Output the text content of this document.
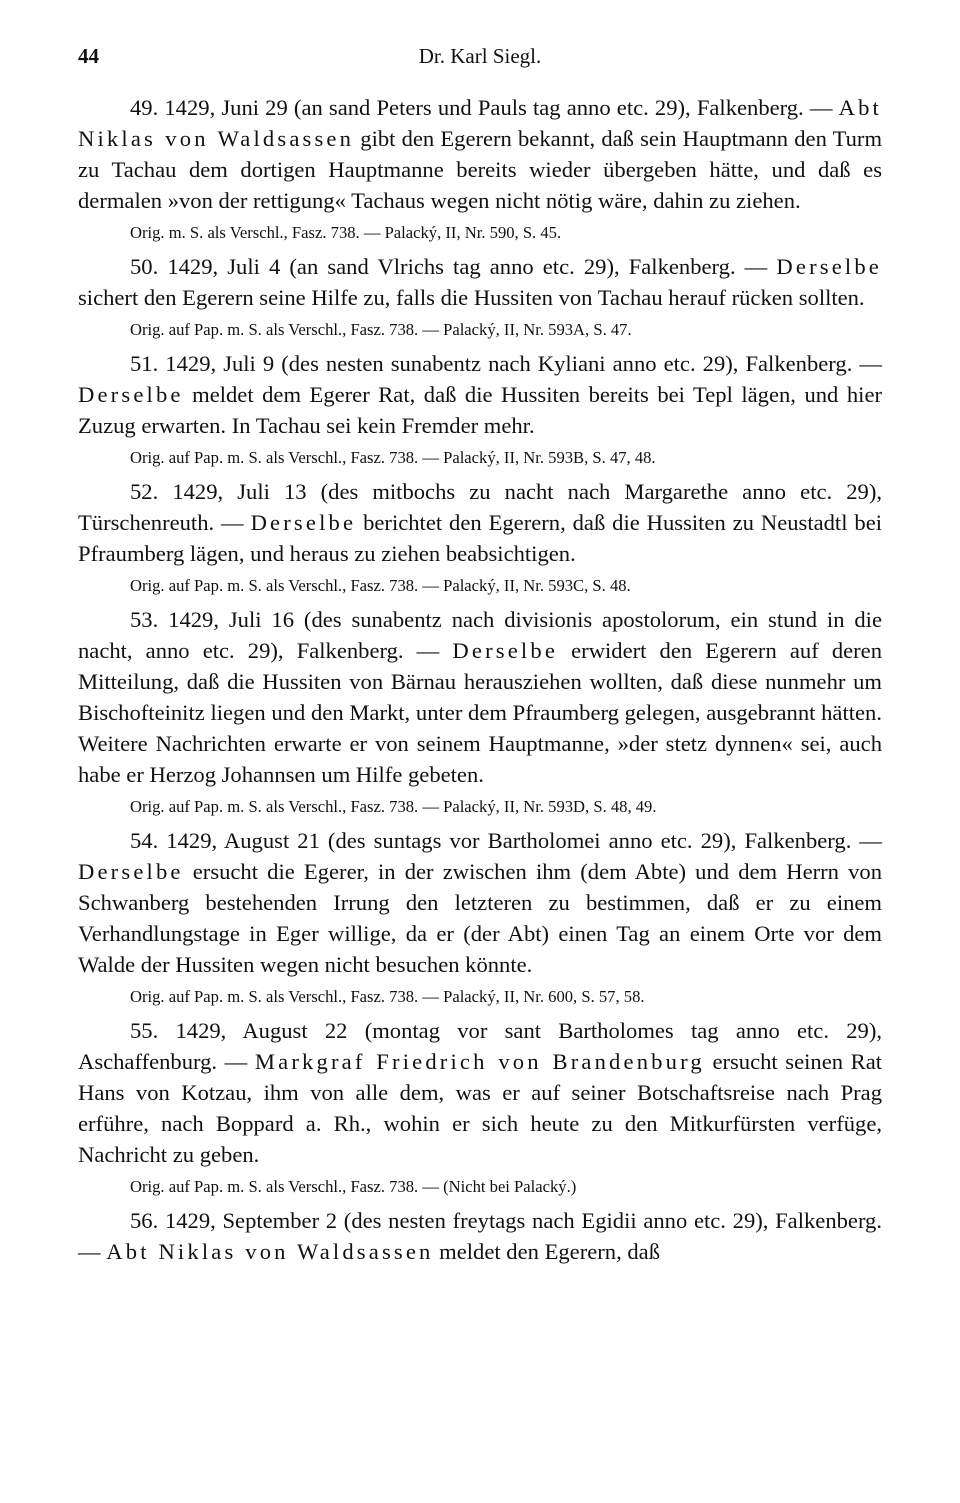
44	Dr. Karl Siegl.

49. 1429, Juni 29 (an sand Peters und Pauls tag anno etc. 29), Falkenberg. — Abt Niklas von Waldsassen gibt den Egerern bekannt, daß sein Hauptmann den Turm zu Tachau dem dortigen Hauptmanne bereits wieder übergeben hätte, und daß es dermalen »von der rettigung« Tachaus wegen nicht nötig wäre, dahin zu ziehen.

Orig. m. S. als Verschl., Fasz. 738. — Palacký, II, Nr. 590, S. 45.

50. 1429, Juli 4 (an sand Vlrichs tag anno etc. 29), Falkenberg. — Derselbe sichert den Egerern seine Hilfe zu, falls die Hussiten von Tachau herauf rücken sollten.

Orig. auf Pap. m. S. als Verschl., Fasz. 738. — Palacký, II, Nr. 593A, S. 47.

51. 1429, Juli 9 (des nesten sunabentz nach Kyliani anno etc. 29), Falkenberg. — Derselbe meldet dem Egerer Rat, daß die Hussiten bereits bei Tepl lägen, und hier Zuzug erwarten. In Tachau sei kein Fremder mehr.

Orig. auf Pap. m. S. als Verschl., Fasz. 738. — Palacký, II, Nr. 593B, S. 47, 48.

52. 1429, Juli 13 (des mitbochs zu nacht nach Margarethe anno etc. 29), Türschenreuth. — Derselbe berichtet den Egerern, daß die Hussiten zu Neustadtl bei Pfraumberg lägen, und heraus zu ziehen beabsichtigen.

Orig. auf Pap. m. S. als Verschl., Fasz. 738. — Palacký, II, Nr. 593C, S. 48.

53. 1429, Juli 16 (des sunabentz nach divisionis apostolorum, ein stund in die nacht, anno etc. 29), Falkenberg. — Derselbe erwidert den Egerern auf deren Mitteilung, daß die Hussiten von Bärnau herausziehen wollten, daß diese nunmehr um Bischofteinitz liegen und den Markt, unter dem Pfraumberg gelegen, ausgebrannt hätten. Weitere Nachrichten erwarte er von seinem Hauptmanne, »der stetz dynnen« sei, auch habe er Herzog Johannsen um Hilfe gebeten.

Orig. auf Pap. m. S. als Verschl., Fasz. 738. — Palacký, II, Nr. 593D, S. 48, 49.

54. 1429, August 21 (des suntags vor Bartholomei anno etc. 29), Falkenberg. — Derselbe ersucht die Egerer, in der zwischen ihm (dem Abte) und dem Herrn von Schwanberg bestehenden Irrung den letzteren zu bestimmen, daß er zu einem Verhandlungstage in Eger willige, da er (der Abt) einen Tag an einem Orte vor dem Walde der Hussiten wegen nicht besuchen könnte.

Orig. auf Pap. m. S. als Verschl., Fasz. 738. — Palacký, II, Nr. 600, S. 57, 58.

55. 1429, August 22 (montag vor sant Bartholomes tag anno etc. 29), Aschaffenburg. — Markgraf Friedrich von Brandenburg ersucht seinen Rat Hans von Kotzau, ihm von alle dem, was er auf seiner Botschaftsreise nach Prag erführe, nach Boppard a. Rh., wohin er sich heute zu den Mitkurfürsten verfüge, Nachricht zu geben.

Orig. auf Pap. m. S. als Verschl., Fasz. 738. — (Nicht bei Palacký.)

56. 1429, September 2 (des nesten freytags nach Egidii anno etc. 29), Falkenberg. — Abt Niklas von Waldsassen meldet den Egerern, daß
